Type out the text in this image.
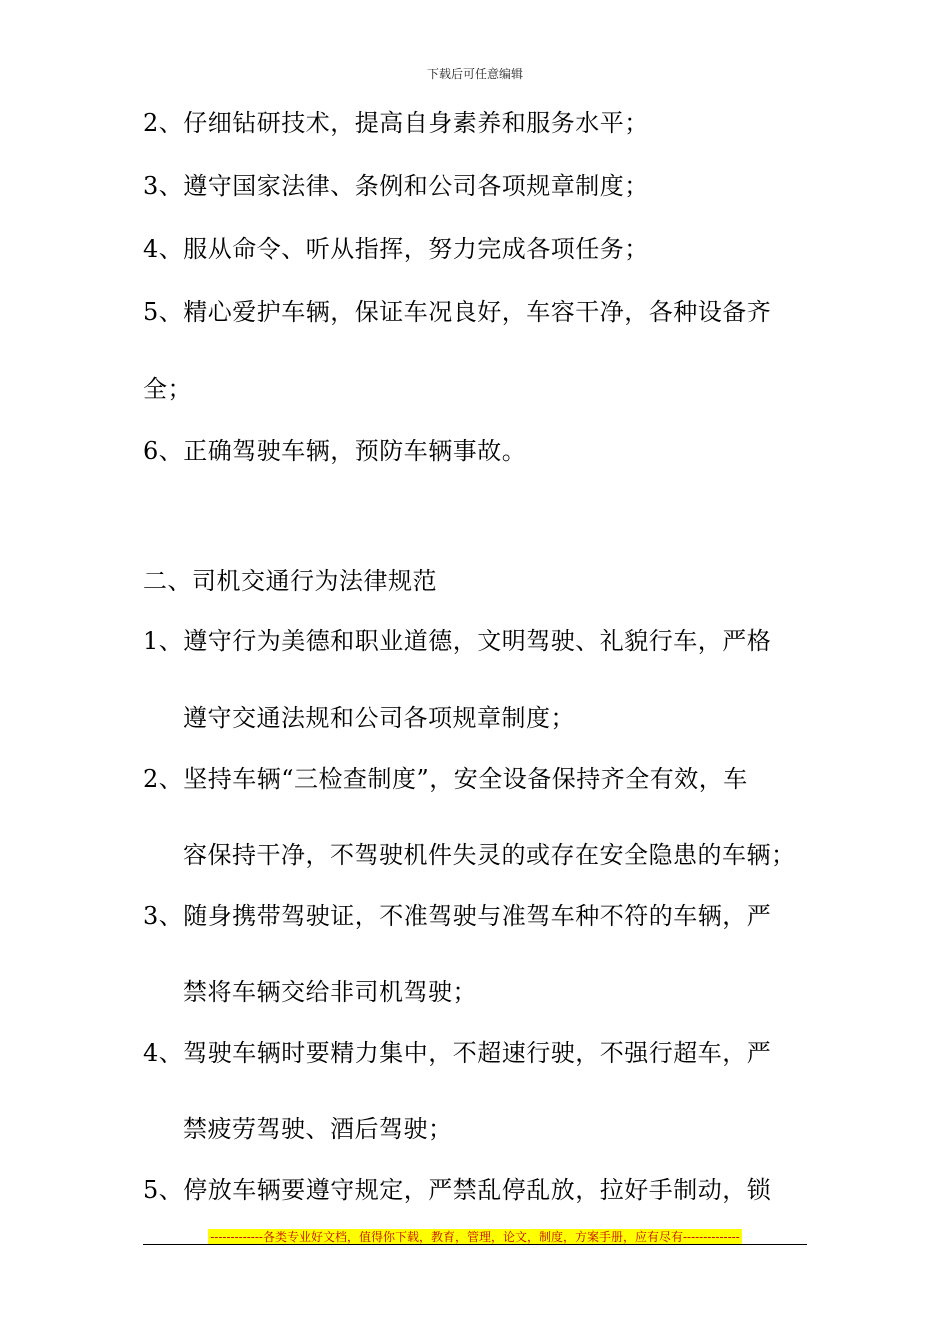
下载后可任意编辑
2、仔细钻研技术，提高自身素养和服务水平；
3、遵守国家法律、条例和公司各项规章制度；
4、服从命令、听从指挥，努力完成各项任务；
5、精心爱护车辆，保证车况良好，车容干净，各种设备齐
全；
6、正确驾驶车辆，预防车辆事故。
二、司机交通行为法律规范
1、遵守行为美德和职业道德，文明驾驶、礼貌行车，严格
遵守交通法规和公司各项规章制度；
2、坚持车辆“三检查制度”，安全设备保持齐全有效，车
容保持干净，不驾驶机件失灵的或存在安全隐患的车辆；
3、随身携带驾驶证，不准驾驶与准驾车种不符的车辆，严
禁将车辆交给非司机驾驶；
4、驾驶车辆时要精力集中，不超速行驶，不强行超车，严
禁疲劳驾驶、酒后驾驶；
5、停放车辆要遵守规定，严禁乱停乱放，拉好手制动，锁
-------------各类专业好文档，值得你下载，教育，管理，论文，制度，方案手册，应有尽有--------------
